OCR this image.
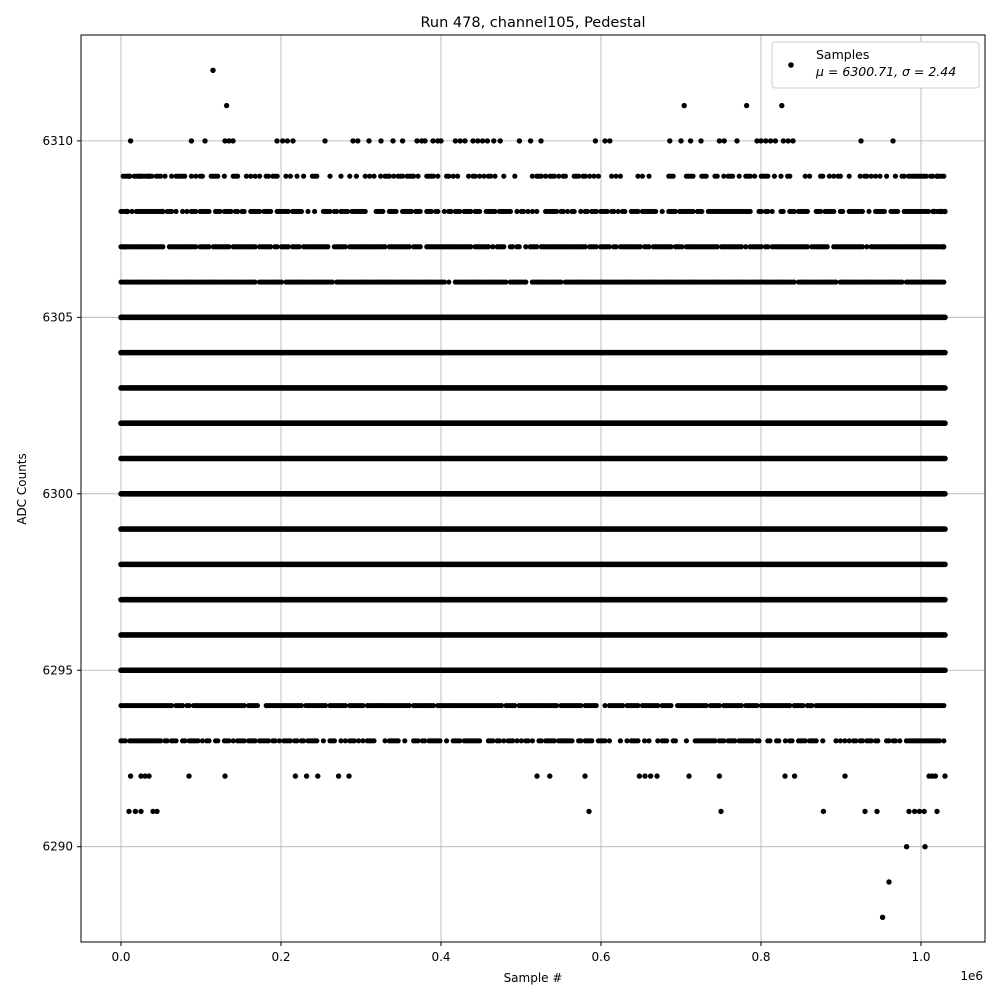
0.0	0.2	0.4	0.6	0.8	1.0
6290
6295
6300
6305
6310
Run 478, channel105, Pedestal
Sample #
ADC Counts
1e6
Samples
μ = 6300.71, σ = 2.44
